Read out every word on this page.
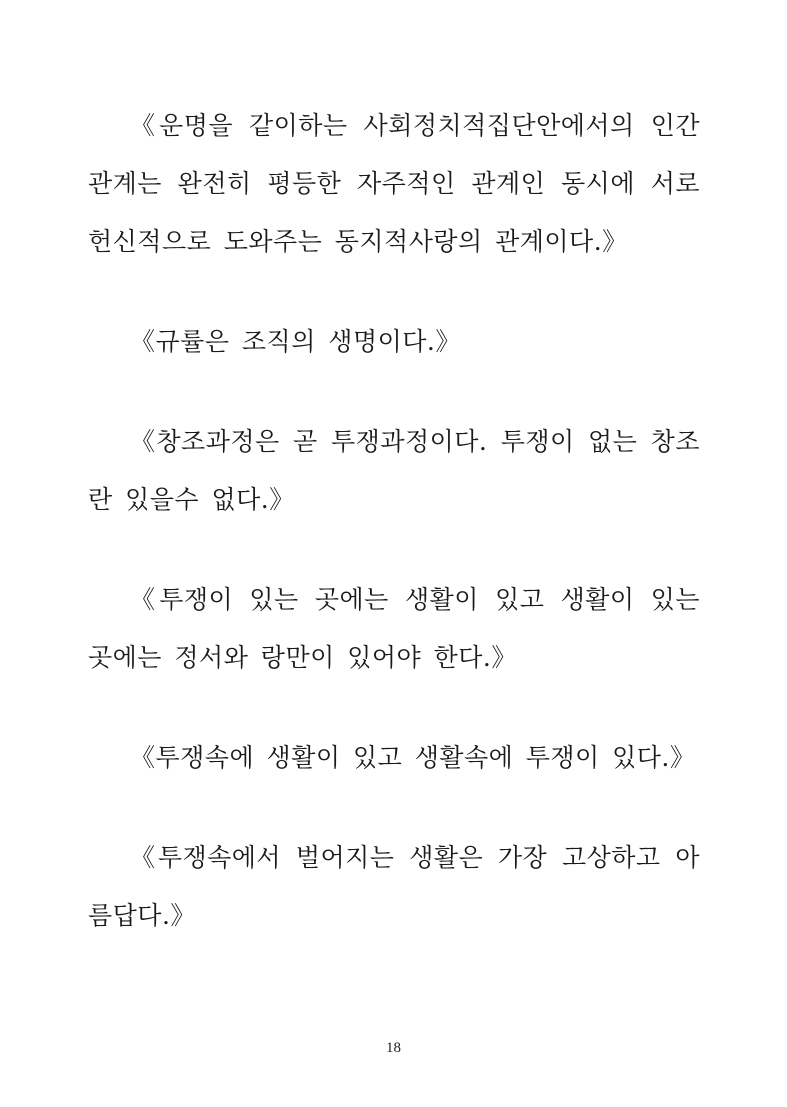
《운명을 같이하는 사회정치적집단안에서의 인간관계는 완전히 평등한 자주적인 관계인 동시에 서로 헌신적으로 도와주는 동지적사랑의 관계이다.》

《규률은 조직의 생명이다.》

《창조과정은 곧 투쟁과정이다. 투쟁이 없는 창조란 있을수 없다.》

《투쟁이 있는 곳에는 생활이 있고 생활이 있는 곳에는 정서와 랑만이 있어야 한다.》

《투쟁속에 생활이 있고 생활속에 투쟁이 있다.》

《투쟁속에서 벌어지는 생활은 가장 고상하고 아름답다.》

18
